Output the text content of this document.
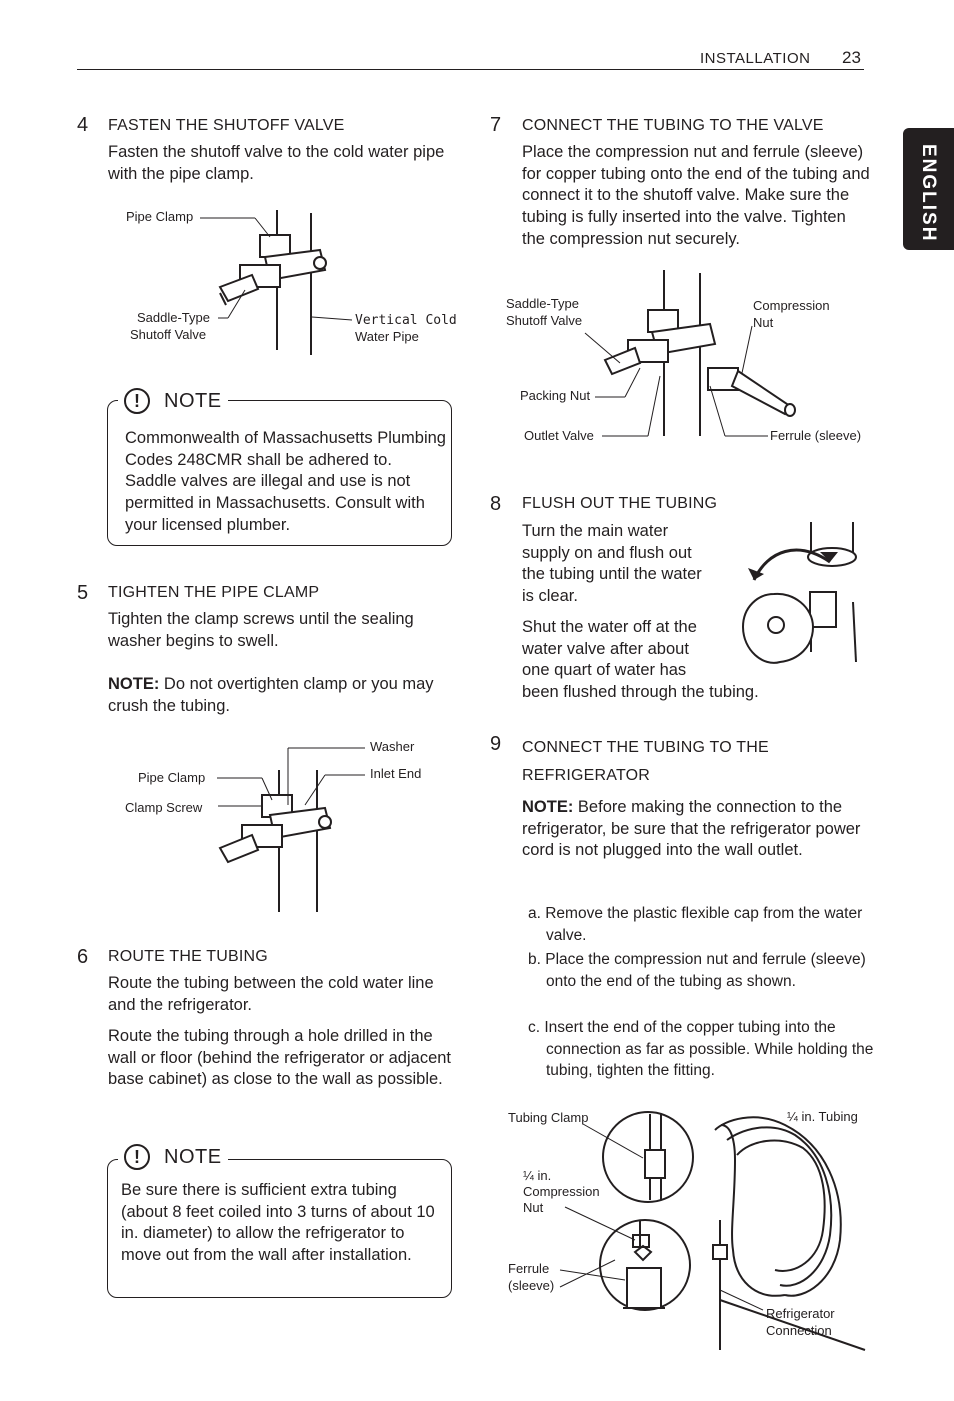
INSTALLATION 23
ENGLISH
4 FASTEN THE SHUTOFF VALVE
Fasten the shutoff valve to the cold water pipe with the pipe clamp.
Pipe Clamp
Saddle-Type
Shutoff Valve
Vertical Cold
Water Pipe
!	NOTE
Commonwealth of Massachusetts Plumbing Codes 248CMR shall be adhered to. Saddle valves are illegal and use is not permitted in Massachusetts. Consult with your licensed plumber.
5 TIGHTEN THE PIPE CLAMP
Tighten the clamp screws until the sealing washer begins to swell.
NOTE: Do not overtighten clamp or you may crush the tubing.
Washer
Inlet End
Pipe Clamp
Clamp Screw
6 ROUTE THE TUBING
Route the tubing between the cold water line and the refrigerator.
Route the tubing through a hole drilled in the wall or floor (behind the refrigerator or adjacent base cabinet) as close to the wall as possible.
!	NOTE
Be sure there is sufficient extra tubing (about 8 feet coiled into 3 turns of about 10 in. diameter) to allow the refrigerator to move out from the wall after installation.
7 CONNECT THE TUBING TO THE VALVE
Place the compression nut and ferrule (sleeve) for copper tubing onto the end of the tubing and connect it to the shutoff valve. Make sure the tubing is fully inserted into the valve. Tighten the compression nut securely.
Saddle-Type
Shutoff Valve
Compression
Nut
Packing Nut
Outlet Valve	Ferrule (sleeve)
8 FLUSH OUT THE TUBING
Turn the main water
supply on and flush out
the tubing until the water
is clear.
Shut the water off at the
water valve after about
one quart of water has
been flushed through the tubing.
9 CONNECT THE TUBING TO THE
REFRIGERATOR
NOTE: Before making the connection to the refrigerator, be sure that the refrigerator power cord is not plugged into the wall outlet.
a. Remove the plastic flexible cap from the water valve.
b. Place the compression nut and ferrule (sleeve) onto the end of the tubing as shown.
c. Insert the end of the copper tubing into the connection as far as possible. While holding the tubing, tighten the fitting.
Tubing Clamp	¼ in. Tubing
¼ in.
Compression
Nut
Ferrule
(sleeve)
Refrigerator
Connection
